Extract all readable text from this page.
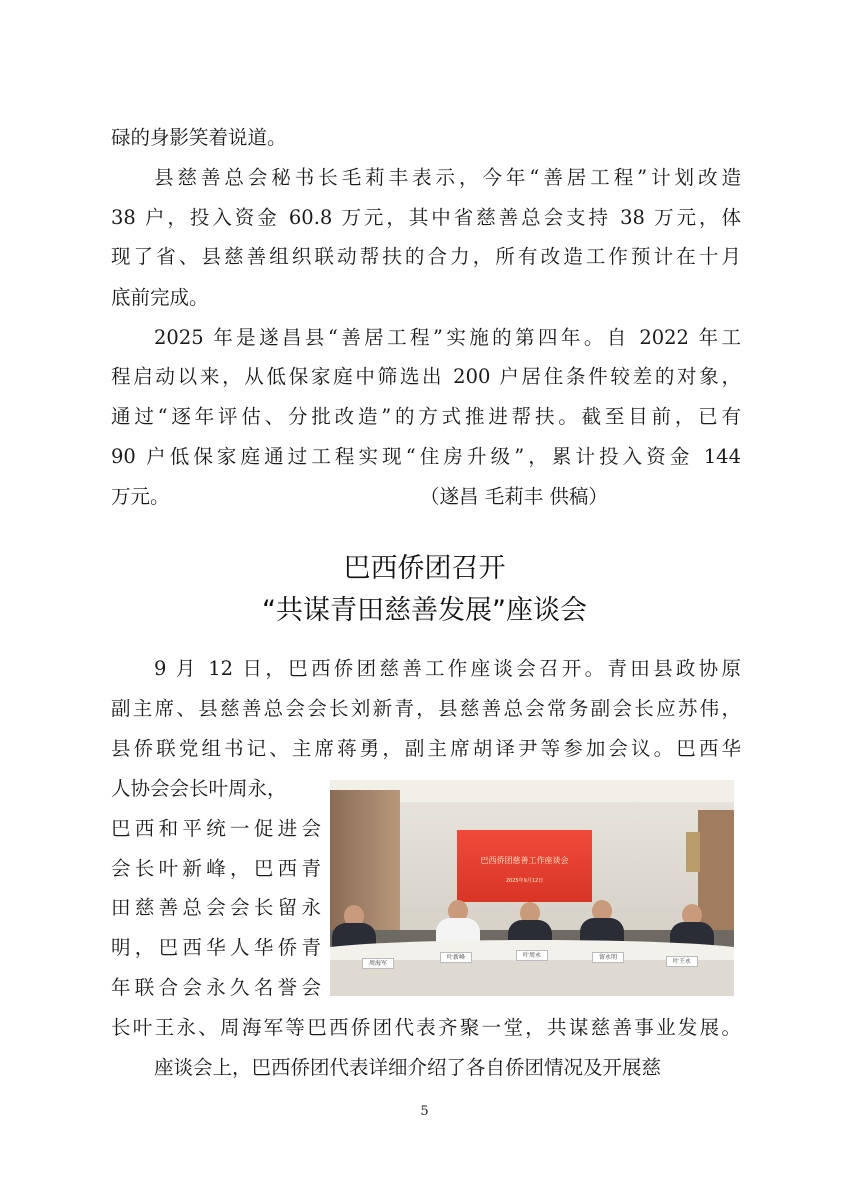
碌的身影笑着说道。
县慈善总会秘书长毛莉丰表示，今年“善居工程”计划改造
38 户，投入资金 60.8 万元，其中省慈善总会支持 38 万元，体
现了省、县慈善组织联动帮扶的合力，所有改造工作预计在十月
底前完成。
2025 年是遂昌县“善居工程”实施的第四年。自 2022 年工
程启动以来，从低保家庭中筛选出 200 户居住条件较差的对象，
通过“逐年评估、分批改造”的方式推进帮扶。截至目前，已有
90 户低保家庭通过工程实现“住房升级”，累计投入资金 144
万元。	（遂昌 毛莉丰 供稿）
巴西侨团召开
“共谋青田慈善发展”座谈会
9 月 12 日，巴西侨团慈善工作座谈会召开。青田县政协原
副主席、县慈善总会会长刘新青，县慈善总会常务副会长应苏伟，
县侨联党组书记、主席蒋勇，副主席胡译尹等参加会议。巴西华
人协会会长叶周永，
巴西和平统一促进会
会长叶新峰，巴西青
田慈善总会会长留永
明，巴西华人华侨青
年联合会永久名誉会
长叶王永、周海军等巴西侨团代表齐聚一堂，共谋慈善事业发展。
座谈会上，巴西侨团代表详细介绍了各自侨团情况及开展慈
巴西侨团慈善工作座谈会
2025年9月12日
周海军
叶新峰	叶周永	留永明
叶王永
5
